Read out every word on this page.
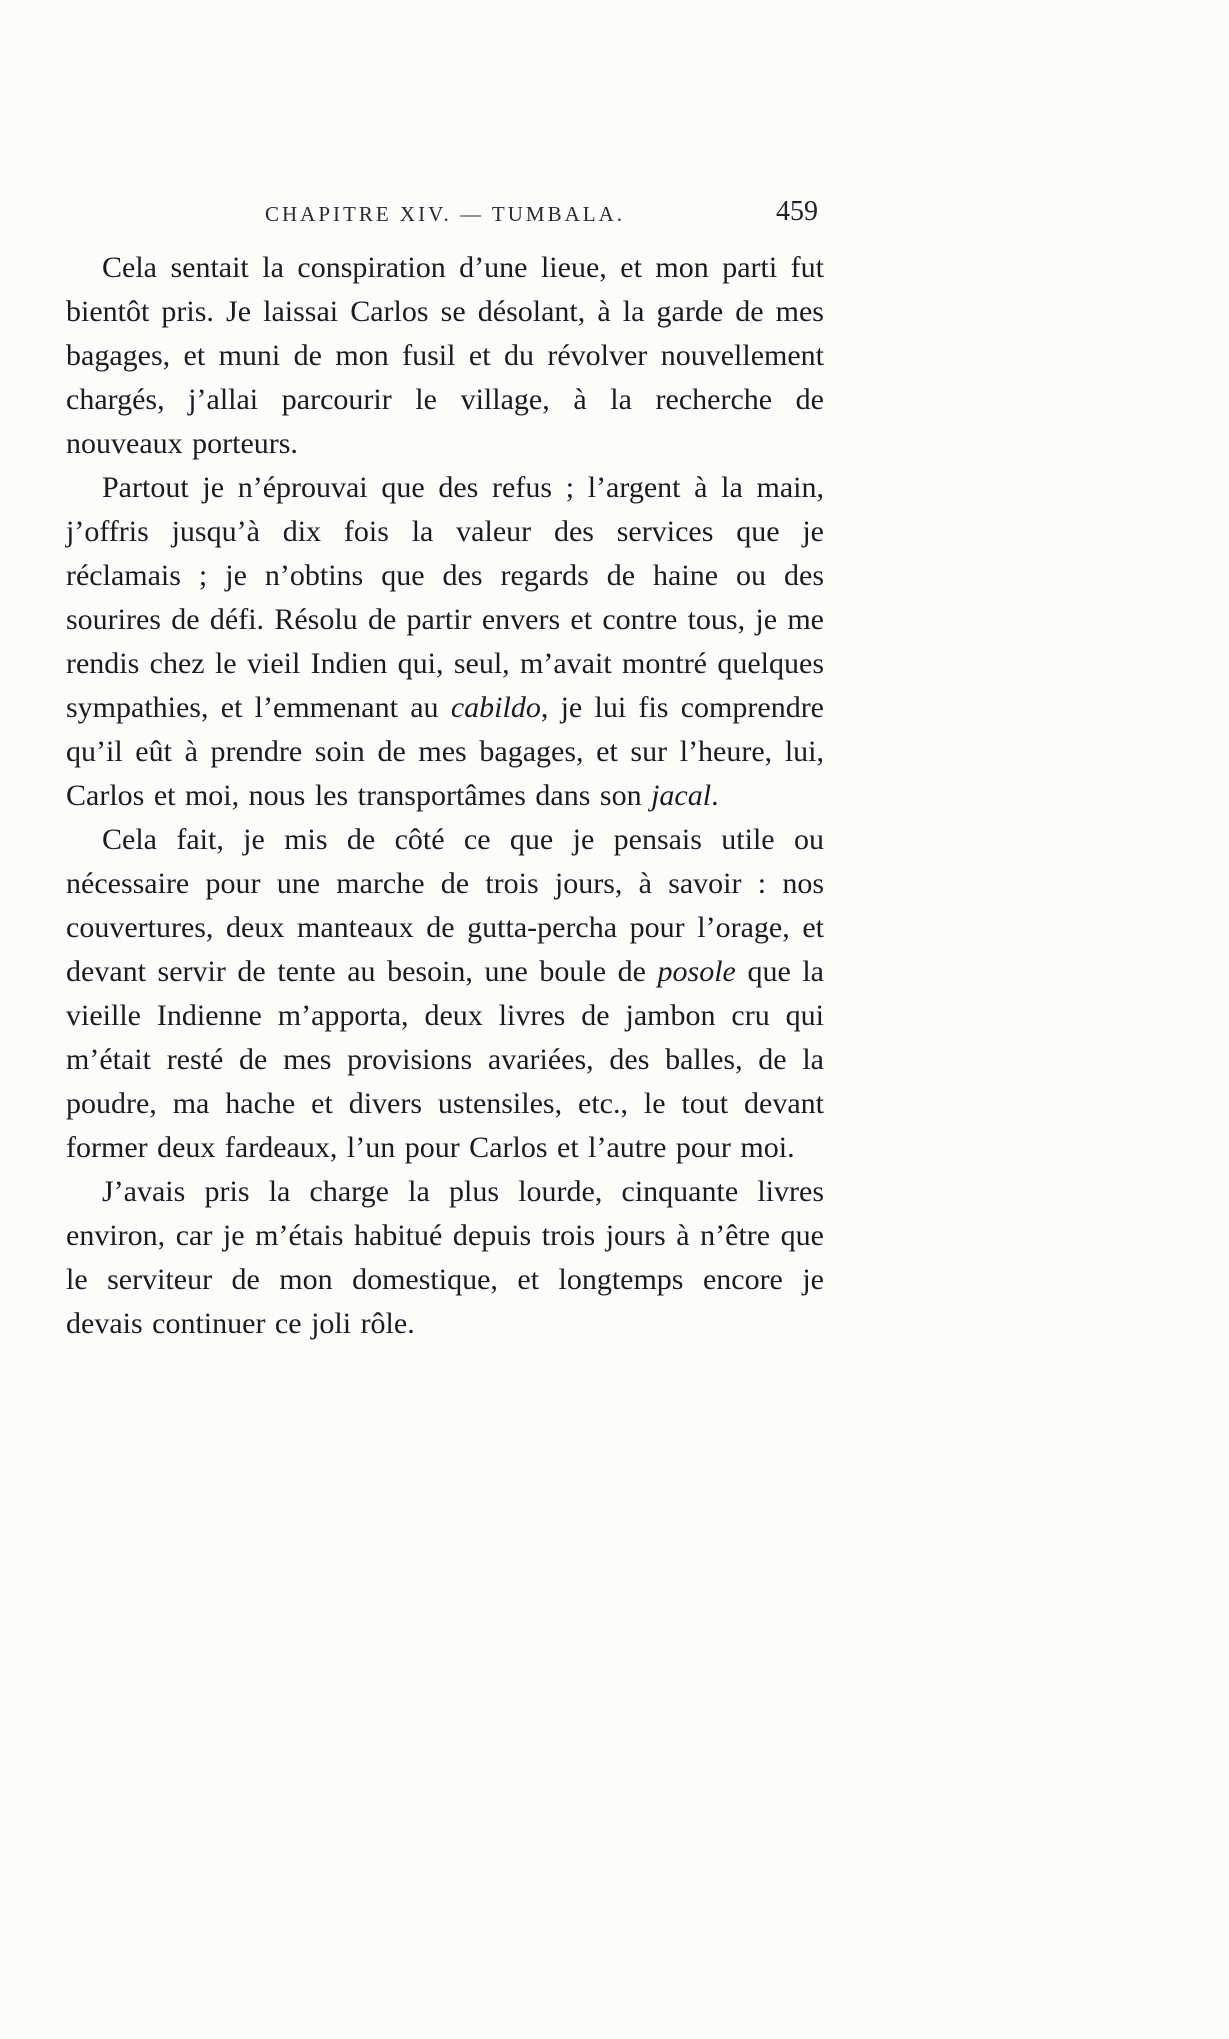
CHAPITRE XIV. — TUMBALA.	459

Cela sentait la conspiration d’une lieue, et mon parti fut bientôt pris. Je laissai Carlos se désolant, à la garde de mes bagages, et muni de mon fusil et du révolver nouvellement chargés, j’allai parcourir le village, à la recherche de nouveaux porteurs.

Partout je n’éprouvai que des refus ; l’argent à la main, j’offris jusqu’à dix fois la valeur des services que je réclamais ; je n’obtins que des regards de haine ou des sourires de défi. Résolu de partir envers et contre tous, je me rendis chez le vieil Indien qui, seul, m’avait montré quelques sympathies, et l’emmenant au cabildo, je lui fis comprendre qu’il eût à prendre soin de mes bagages, et sur l’heure, lui, Carlos et moi, nous les transportâmes dans son jacal.

Cela fait, je mis de côté ce que je pensais utile ou nécessaire pour une marche de trois jours, à savoir : nos couvertures, deux manteaux de gutta-percha pour l’orage, et devant servir de tente au besoin, une boule de posole que la vieille Indienne m’apporta, deux livres de jambon cru qui m’était resté de mes provisions avariées, des balles, de la poudre, ma hache et divers ustensiles, etc., le tout devant former deux fardeaux, l’un pour Carlos et l’autre pour moi.

J’avais pris la charge la plus lourde, cinquante livres environ, car je m’étais habitué depuis trois jours à n’être que le serviteur de mon domestique, et longtemps encore je devais continuer ce joli rôle.
